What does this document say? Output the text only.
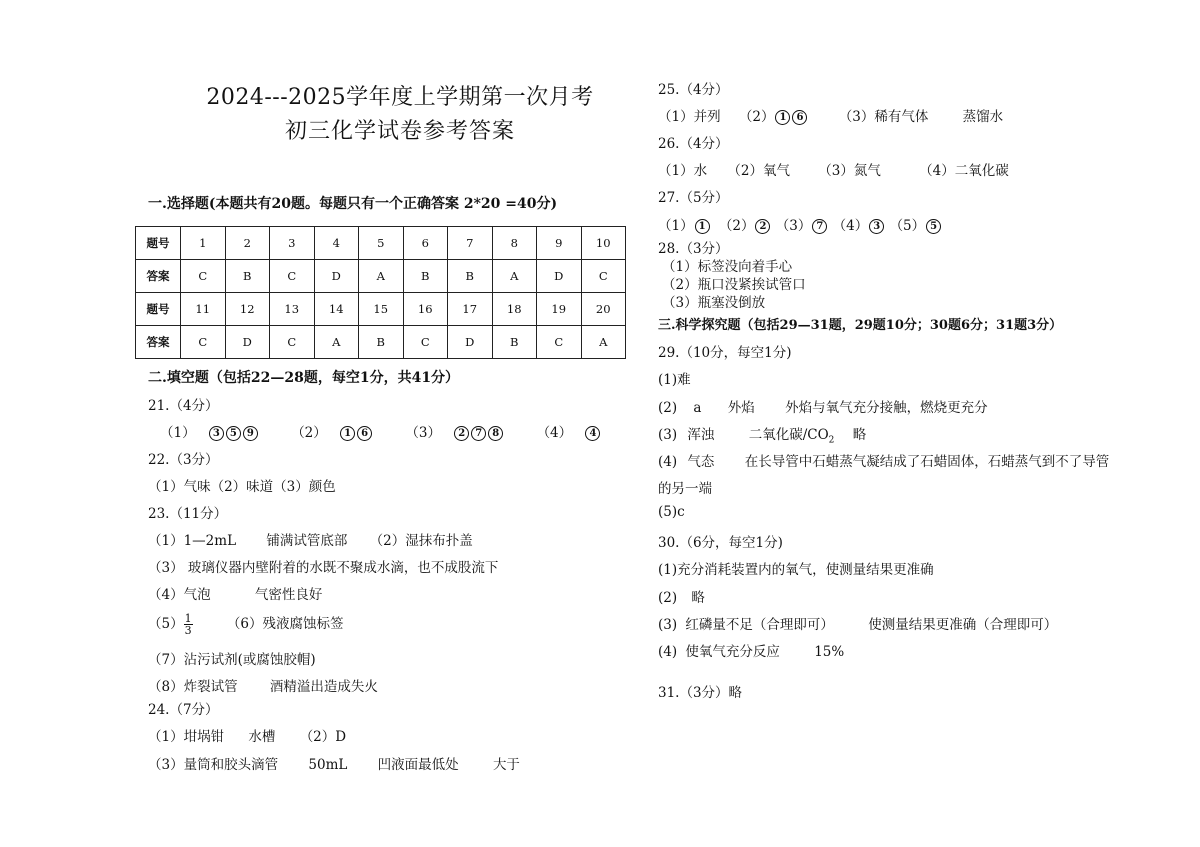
2024---2025学年度上学期第一次月考
初三化学试卷参考答案
一.选择题(本题共有20题。每题只有一个正确答案 2*20 =40分)
题号	1	2	3	4	5	6	7	8	9	10
答案	C	B	C	D	A	B	B	A	D	C
题号	11	12	13	14	15	16	17	18	19	20
答案	C	D	C	A	B	C	D	B	C	A
二.填空题（包括22—28题，每空1分，共41分）
21.（4分）
（1） 3 5 9	（2） 1 6	（3） 2 7 8	（4） 4
22.（3分）
（1）气味（2）味道（3）颜色
23.（11分）
（1）1—2mL 铺满试管底部 （2）湿抹布扑盖
（3） 玻璃仪器内壁附着的水既不聚成水滴，也不成股流下
（4）气泡	气密性良好
$(5) \frac{1}{3}$	（6）残液腐蚀标签
（7）沾污试剂(或腐蚀胶帽)
（8）炸裂试管 酒精溢出造成失火
24.（7分）
（1）坩埚钳 水槽 （2）D
（3）量筒和胶头滴管 50mL 凹液面最低处	大于
25.（4分）
（1）并列 （2） 1 6	（3）稀有气体	蒸馏水
26.（4分）
（1）水 （2）氧气 （3）氮气	（4）二氧化碳
27.（5分）
（1） 1 （2） 2 （3） 7 （4） 3 （5） 5
28.（3分）
（1）标签没向着手心
（2）瓶口没紧挨试管口
（3）瓶塞没倒放
三.科学探究题（包括29—31题，29题10分；30题6分；31题3分）
29.（10分，每空1分)
(1)难
(2) a 外焰 外焰与氧气充分接触，燃烧更充分
(3) 浑浊	二氧化碳$/CO_2$ 略
(4) 气态 在长导管中石蜡蒸气凝结成了石蜡固体，石蜡蒸气到不了导管
的另一端
(5)c
30.（6分，每空1分)
(1)充分消耗装置内的氧气，使测量结果更准确
(2) 略
(3) 红磷量不足（合理即可）	使测量结果更准确（合理即可）
(4) 使氧气充分反应	15%
31.（3分）略
